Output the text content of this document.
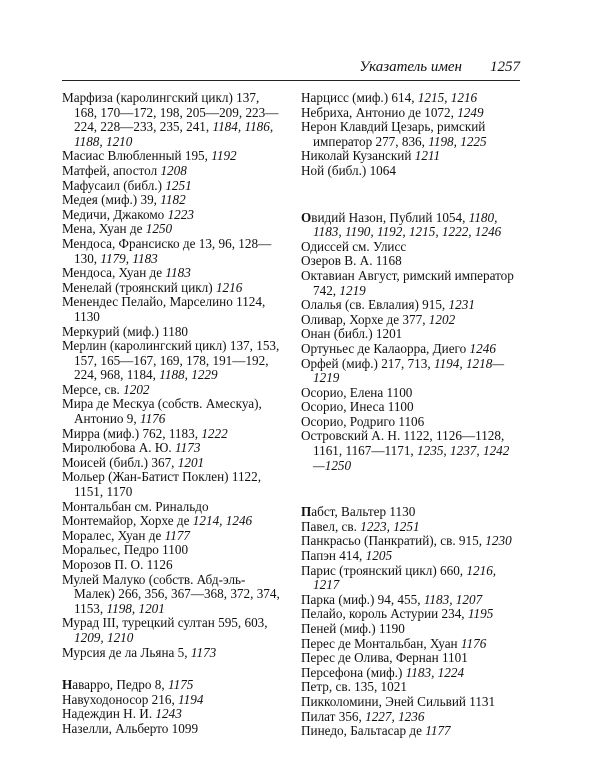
Указатель имен 1257
Марфиза (каролингский цикл) 137, 168, 170—172, 198, 205—209, 223—224, 228—233, 235, 241, 1184, 1186, 1188, 1210
Масиас Влюбленный 195, 1192
Матфей, апостол 1208
Мафусаил (библ.) 1251
Медея (миф.) 39, 1182
Медичи, Джакомо 1223
Мена, Хуан де 1250
Мендоса, Франсиско де 13, 96, 128—130, 1179, 1183
Мендоса, Хуан де 1183
Менелай (троянский цикл) 1216
Менендес Пелайо, Марселино 1124, 1130
Меркурий (миф.) 1180
Мерлин (каролингский цикл) 137, 153, 157, 165—167, 169, 178, 191—192, 224, 968, 1184, 1188, 1229
Мерсе, св. 1202
Мира де Мескуа (собств. Амескуа), Антонио 9, 1176
Мирра (миф.) 762, 1183, 1222
Миролюбова А. Ю. 1173
Моисей (библ.) 367, 1201
Мольер (Жан-Батист Поклен) 1122, 1151, 1170
Монтальбан см. Ринальдо
Монтемайор, Хорхе де 1214, 1246
Моралес, Хуан де 1177
Моральес, Педро 1100
Морозов П. О. 1126
Мулей Малуко (собств. Абд-эль-Малек) 266, 356, 367—368, 372, 374, 1153, 1198, 1201
Мурад III, турецкий султан 595, 603, 1209, 1210
Мурсия де ла Льяна 5, 1173
Наварро, Педро 8, 1175
Навуходоносор 216, 1194
Надеждин Н. И. 1243
Назелли, Альберто 1099
Нарцисс (миф.) 614, 1215, 1216
Небриха, Антонио де 1072, 1249
Нерон Клавдий Цезарь, римский император 277, 836, 1198, 1225
Николай Кузанский 1211
Ной (библ.) 1064
Овидий Назон, Публий 1054, 1180, 1183, 1190, 1192, 1215, 1222, 1246
Одиссей см. Улисс
Озеров В. А. 1168
Октавиан Август, римский император 742, 1219
Олалья (св. Евлалия) 915, 1231
Оливар, Хорхе де 377, 1202
Онан (библ.) 1201
Ортуньес де Калаорра, Диего 1246
Орфей (миф.) 217, 713, 1194, 1218—1219
Осорио, Елена 1100
Осорио, Инеса 1100
Осорио, Родриго 1106
Островский А. Н. 1122, 1126—1128, 1161, 1167—1171, 1235, 1237, 1242—1250
Пабст, Вальтер 1130
Павел, св. 1223, 1251
Панкрасьо (Панкратий), св. 915, 1230
Папэн 414, 1205
Парис (троянский цикл) 660, 1216, 1217
Парка (миф.) 94, 455, 1183, 1207
Пелайо, король Астурии 234, 1195
Пеней (миф.) 1190
Перес де Монтальбан, Хуан 1176
Перес де Олива, Фернан 1101
Персефона (миф.) 1183, 1224
Петр, св. 135, 1021
Пикколомини, Эней Сильвий 1131
Пилат 356, 1227, 1236
Пинедо, Бальтасар де 1177
